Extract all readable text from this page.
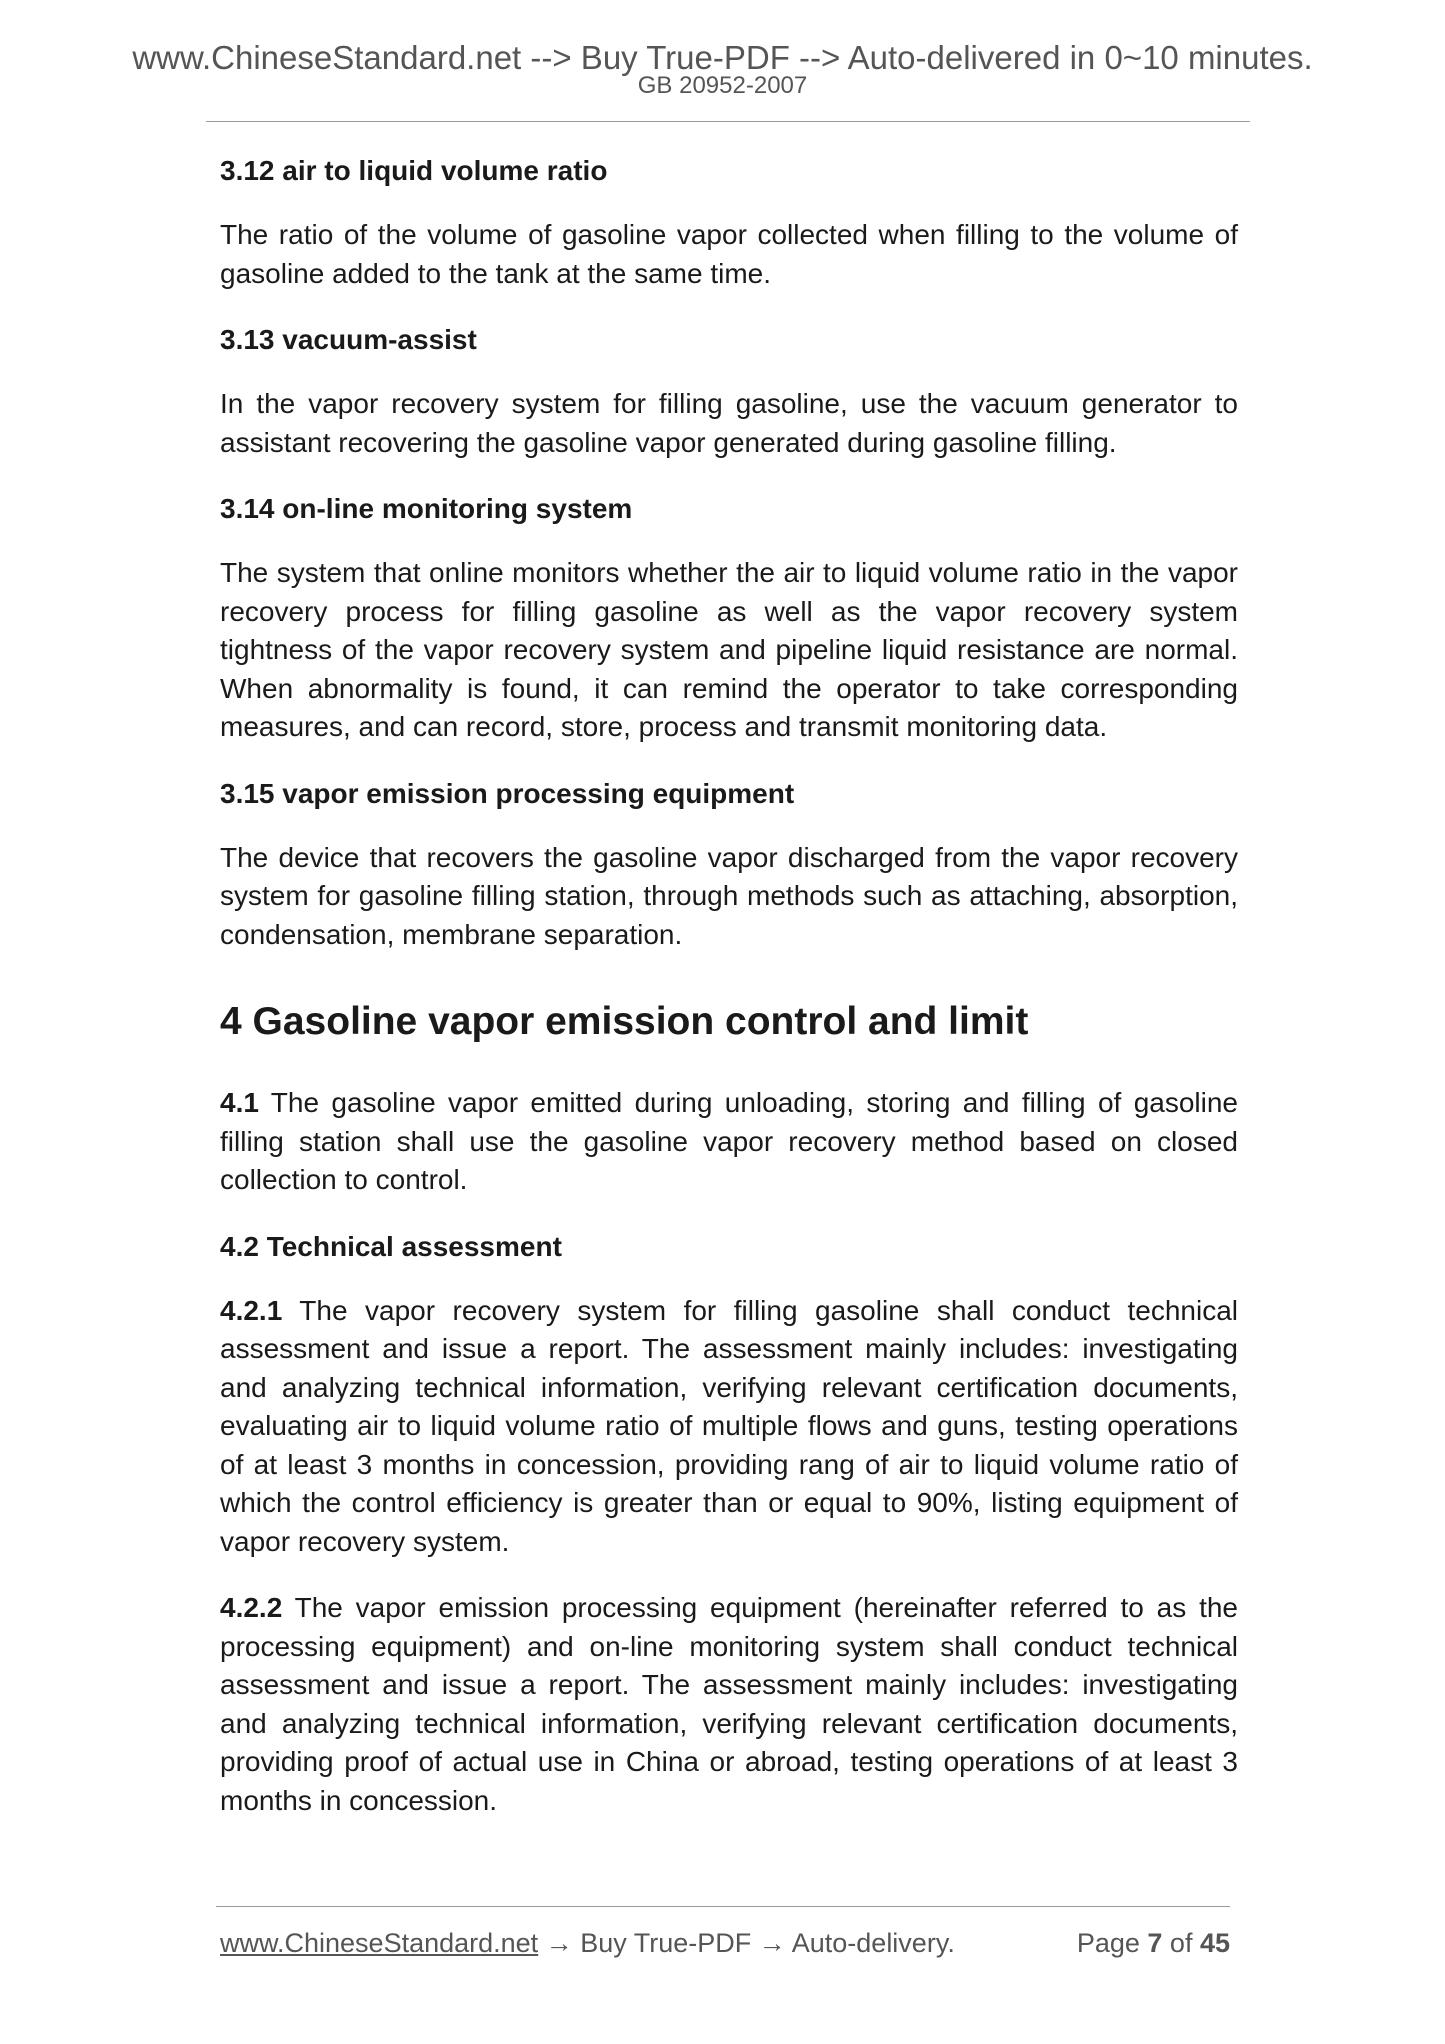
www.ChineseStandard.net --> Buy True-PDF --> Auto-delivered in 0~10 minutes.
GB 20952-2007
3.12 air to liquid volume ratio

The ratio of the volume of gasoline vapor collected when filling to the volume of gasoline added to the tank at the same time.

3.13 vacuum-assist

In the vapor recovery system for filling gasoline, use the vacuum generator to assistant recovering the gasoline vapor generated during gasoline filling.

3.14 on-line monitoring system

The system that online monitors whether the air to liquid volume ratio in the vapor recovery process for filling gasoline as well as the vapor recovery system tightness of the vapor recovery system and pipeline liquid resistance are normal. When abnormality is found, it can remind the operator to take corresponding measures, and can record, store, process and transmit monitoring data.

3.15 vapor emission processing equipment

The device that recovers the gasoline vapor discharged from the vapor recovery system for gasoline filling station, through methods such as attaching, absorption, condensation, membrane separation.

4 Gasoline vapor emission control and limit

4.1 The gasoline vapor emitted during unloading, storing and filling of gasoline filling station shall use the gasoline vapor recovery method based on closed collection to control.

4.2 Technical assessment

4.2.1 The vapor recovery system for filling gasoline shall conduct technical assessment and issue a report. The assessment mainly includes: investigating and analyzing technical information, verifying relevant certification documents, evaluating air to liquid volume ratio of multiple flows and guns, testing operations of at least 3 months in concession, providing rang of air to liquid volume ratio of which the control efficiency is greater than or equal to 90%, listing equipment of vapor recovery system.

4.2.2 The vapor emission processing equipment (hereinafter referred to as the processing equipment) and on-line monitoring system shall conduct technical assessment and issue a report. The assessment mainly includes: investigating and analyzing technical information, verifying relevant certification documents, providing proof of actual use in China or abroad, testing operations of at least 3 months in concession.

www.ChineseStandard.net → Buy True-PDF → Auto-delivery.	Page 7 of 45
